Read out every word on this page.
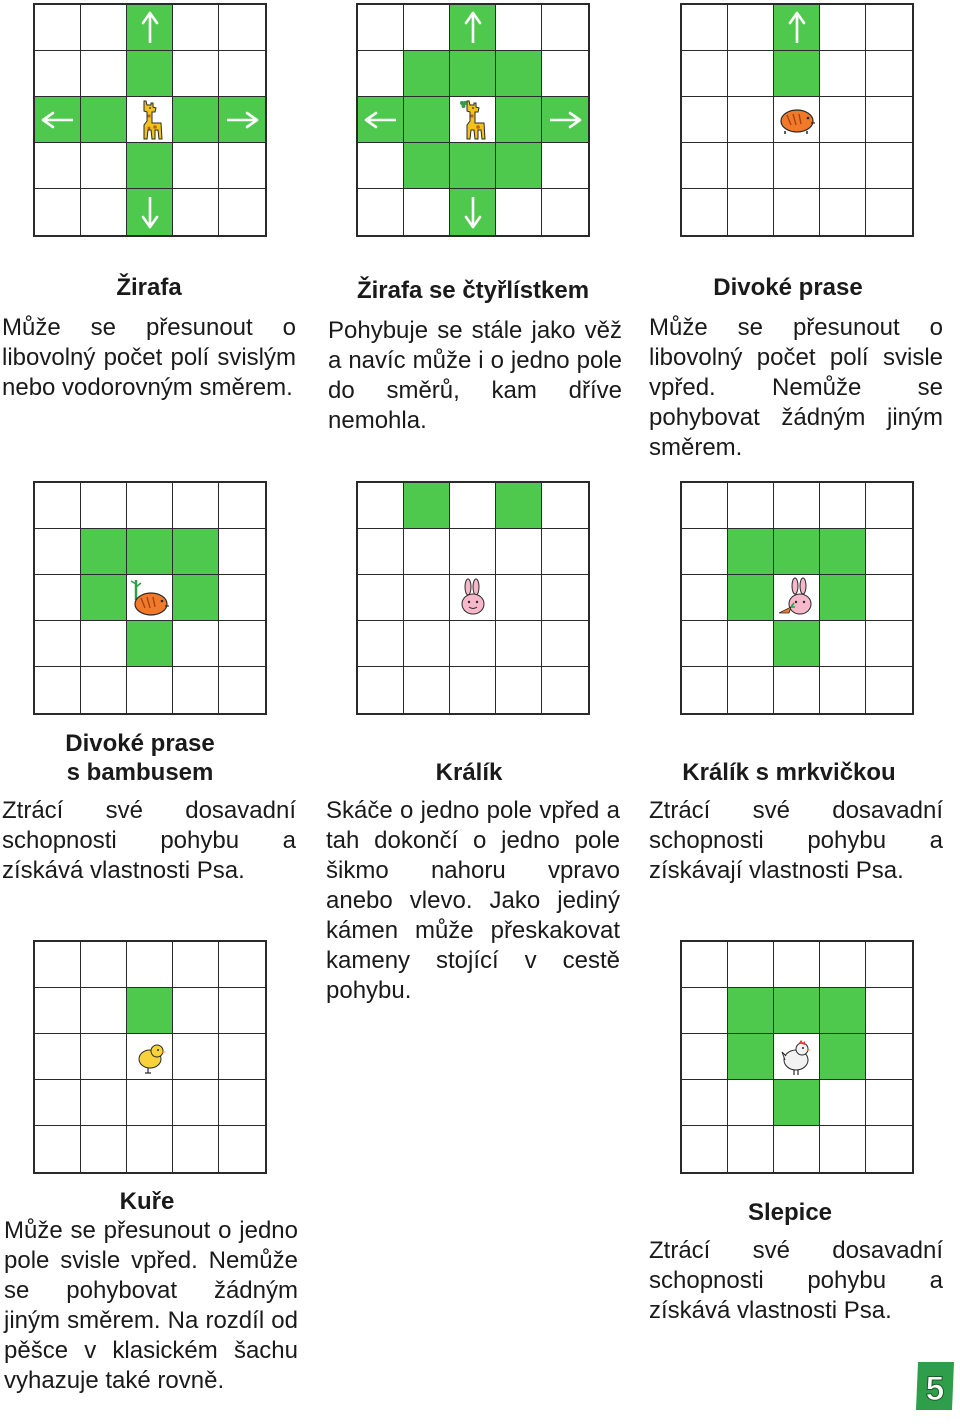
Žirafa
Může se přesunout o libovolný počet polí svislým nebo vodorovným směrem.
Žirafa se čtyřlístkem
Pohybuje se stále jako věž a navíc může i o jedno pole do směrů, kam dříve nemohla.
Divoké prase
Může se přesunout o libovolný počet polí svisle vpřed. Nemůže se pohybovat žádným jiným směrem.
Divoké prase
s bambusem
Ztrácí své dosavadní schopnosti pohybu a získává vlastnosti Psa.
Králík
Skáče o jedno pole vpřed a tah dokončí o jedno pole šikmo nahoru vpravo anebo vlevo. Jako jediný kámen může přeskakovat kameny stojící v cestě pohybu.
Králík s mrkvičkou
Ztrácí své dosavadní schopnosti pohybu a získávají vlastnosti Psa.
Kuře
Může se přesunout o jedno pole svisle vpřed. Nemůže se pohybovat žádným jiným směrem. Na rozdíl od pěšce v klasickém šachu vyhazuje také rovně.
Slepice
Ztrácí své dosavadní schopnosti pohybu a získává vlastnosti Psa.
5
